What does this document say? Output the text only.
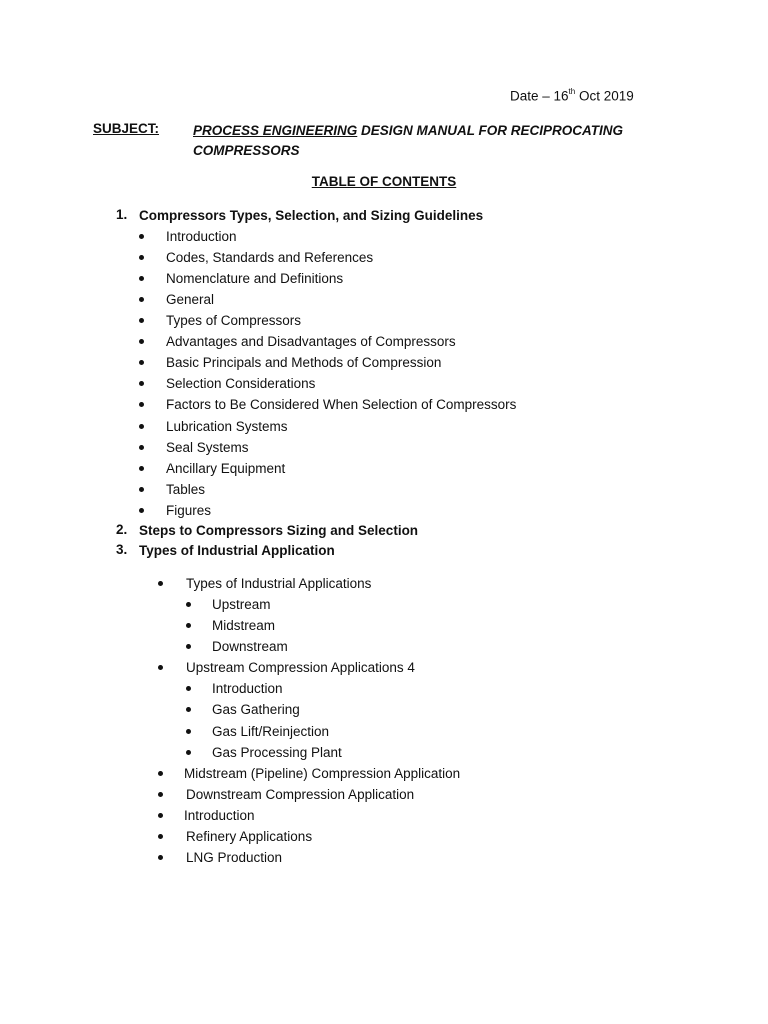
Date – 16th Oct 2019
SUBJECT:	PROCESS ENGINEERING DESIGN MANUAL FOR RECIPROCATING
COMPRESSORS
TABLE OF CONTENTS
1. Compressors Types, Selection, and Sizing Guidelines
Introduction
Codes, Standards and References
Nomenclature and Definitions
General
Types of Compressors
Advantages and Disadvantages of Compressors
Basic Principals and Methods of Compression
Selection Considerations
Factors to Be Considered When Selection of Compressors
Lubrication Systems
Seal Systems
Ancillary Equipment
Tables
Figures
2. Steps to Compressors Sizing and Selection
3. Types of Industrial Application
Types of Industrial Applications
Upstream
Midstream
Downstream
Upstream Compression Applications 4
Introduction
Gas Gathering
Gas Lift/Reinjection
Gas Processing Plant
Midstream (Pipeline) Compression Application
Downstream Compression Application
Introduction
Refinery Applications
LNG Production
